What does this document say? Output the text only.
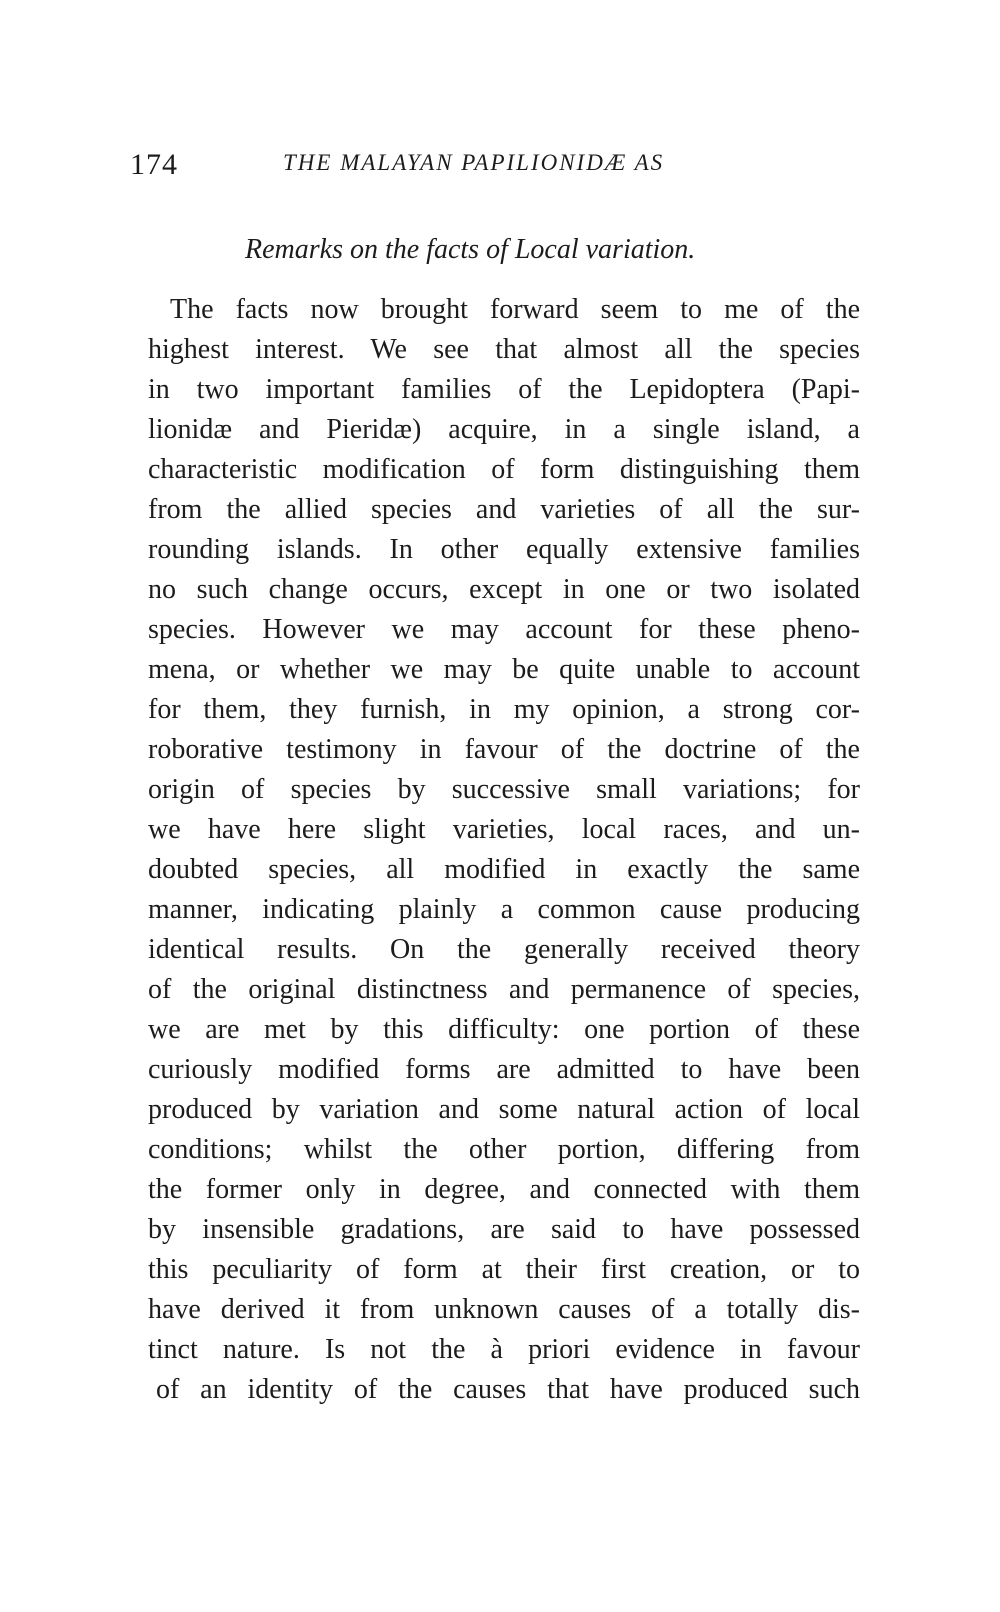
174	THE MALAYAN PAPILIONIDÆ AS
Remarks on the facts of Local variation.
The facts now brought forward seem to me of the
highest interest. We see that almost all the species
in two important families of the Lepidoptera (Papi-
lionidæ and Pieridæ) acquire, in a single island, a
characteristic modification of form distinguishing them
from the allied species and varieties of all the sur-
rounding islands. In other equally extensive families
no such change occurs, except in one or two isolated
species. However we may account for these pheno-
mena, or whether we may be quite unable to account
for them, they furnish, in my opinion, a strong cor-
roborative testimony in favour of the doctrine of the
origin of species by successive small variations; for
we have here slight varieties, local races, and un-
doubted species, all modified in exactly the same
manner, indicating plainly a common cause producing
identical results. On the generally received theory
of the original distinctness and permanence of species,
we are met by this difficulty: one portion of these
curiously modified forms are admitted to have been
produced by variation and some natural action of local
conditions; whilst the other portion, differing from
the former only in degree, and connected with them
by insensible gradations, are said to have possessed
this peculiarity of form at their first creation, or to
have derived it from unknown causes of a totally dis-
tinct nature. Is not the à priori evidence in favour
of an identity of the causes that have produced such
